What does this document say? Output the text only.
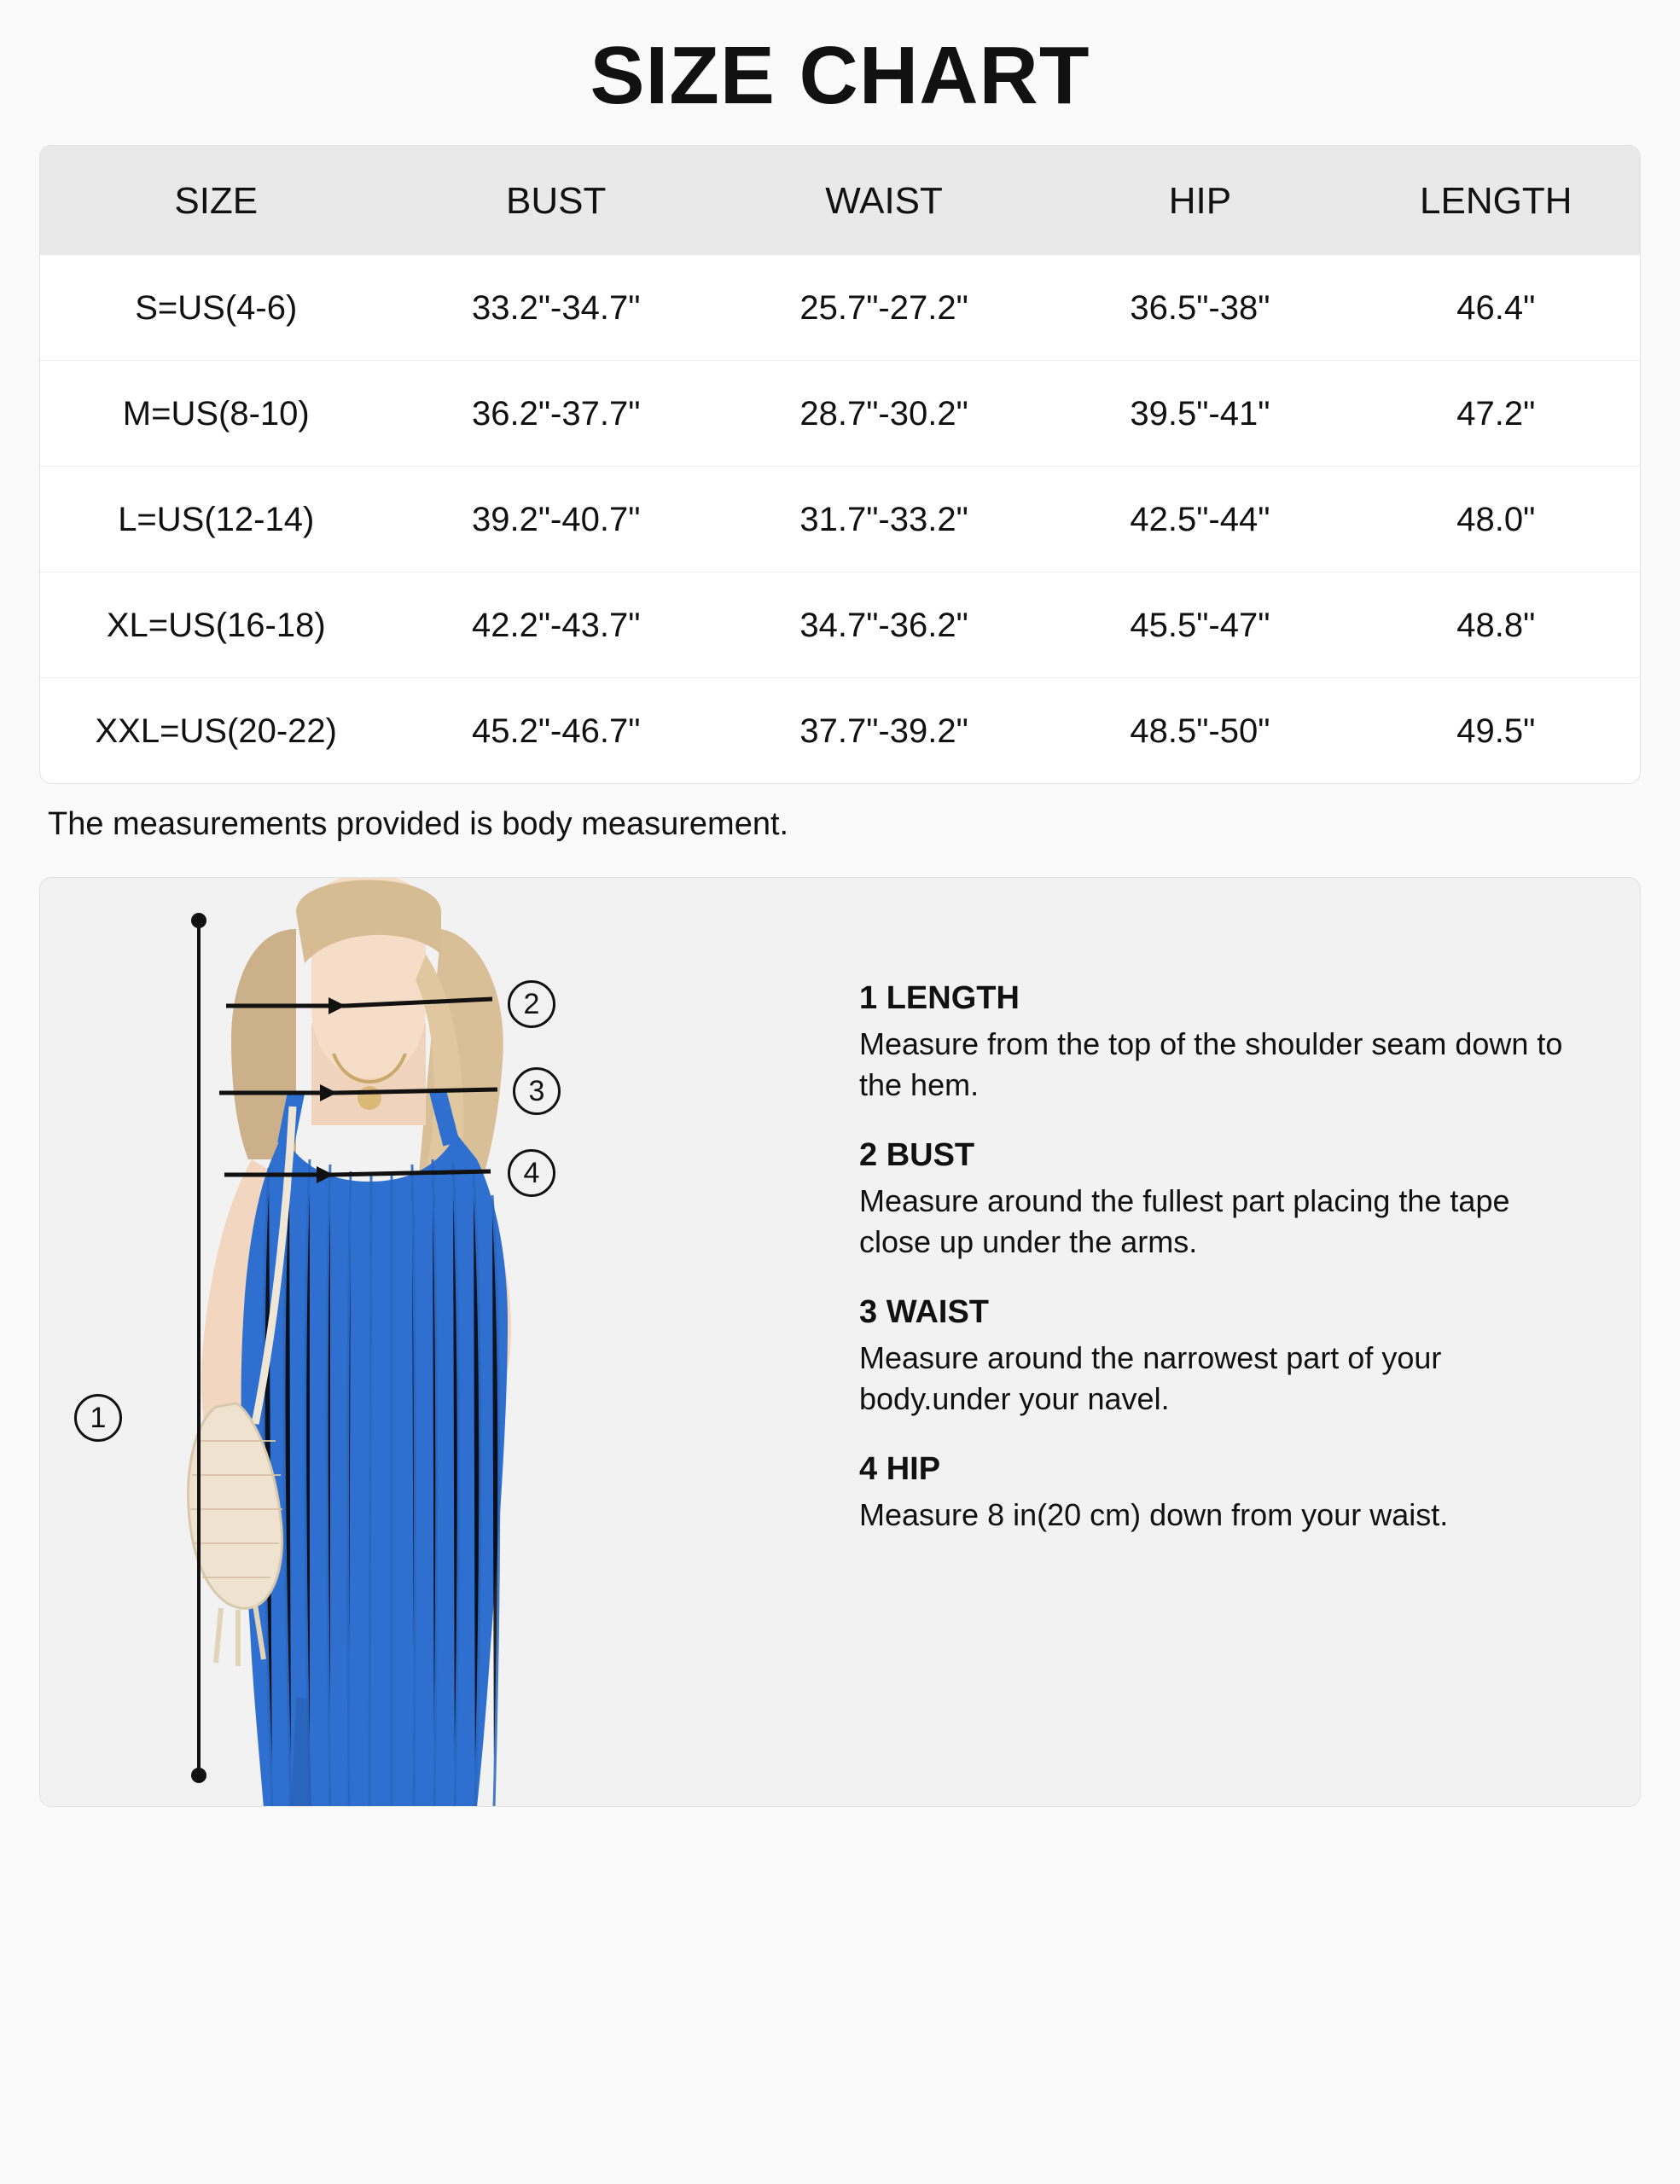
SIZE CHART
SIZE	BUST	WAIST	HIP	LENGTH
S=US(4-6)	33.2"-34.7"	25.7"-27.2"	36.5"-38"	46.4"
M=US(8-10)	36.2"-37.7"	28.7"-30.2"	39.5"-41"	47.2"
L=US(12-14)	39.2"-40.7"	31.7"-33.2"	42.5"-44"	48.0"
XL=US(16-18)	42.2"-43.7"	34.7"-36.2"	45.5"-47"	48.8"
XXL=US(20-22)	45.2"-46.7"	37.7"-39.2"	48.5"-50"	49.5"
The measurements provided is body measurement.
1
2
3
4
1 LENGTH
Measure from the top of the shoulder seam down to the hem.
2 BUST
Measure around the fullest part placing the tape close up under the arms.
3 WAIST
Measure around the narrowest part of your body.under your navel.
4 HIP
Measure 8 in(20 cm) down from your waist.
